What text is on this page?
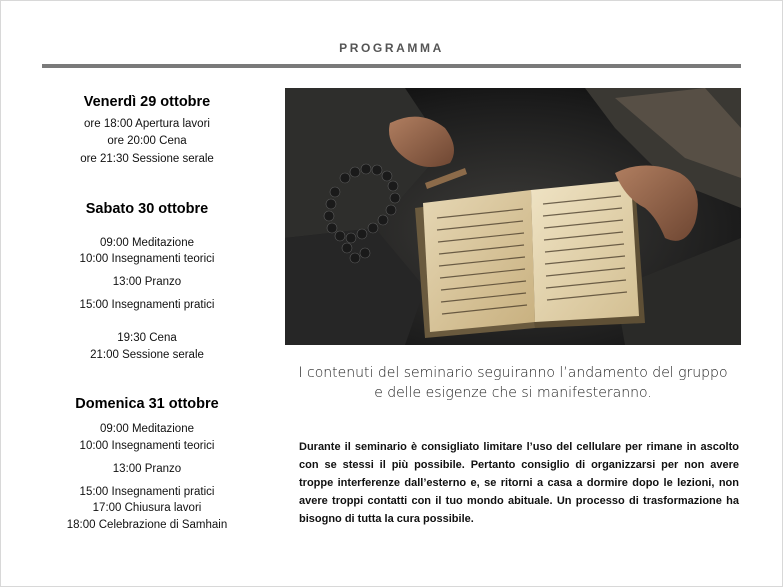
PROGRAMMA
Venerdì 29 ottobre
ore 18:00 Apertura lavori
ore 20:00 Cena
ore 21:30 Sessione serale
Sabato 30 ottobre
09:00 Meditazione
10:00 Insegnamenti teorici
13:00 Pranzo
15:00 Insegnamenti pratici
19:30 Cena
21:00 Sessione serale
Domenica 31 ottobre
09:00 Meditazione
10:00 Insegnamenti teorici
13:00 Pranzo
15:00 Insegnamenti pratici
17:00 Chiusura lavori
18:00 Celebrazione di Samhain
I contenuti del seminario seguiranno l’andamento del gruppo
e delle esigenze che si manifesteranno.
Durante il seminario è consigliato limitare l’uso del cellulare per rimane in ascolto con se stessi il più possibile. Pertanto consiglio di organizzarsi per non avere troppe interferenze dall’esterno e, se ritorni a casa a dormire dopo le lezioni, non avere troppi contatti con il tuo mondo abituale. Un processo di trasformazione ha bisogno di tutta la cura possibile.
